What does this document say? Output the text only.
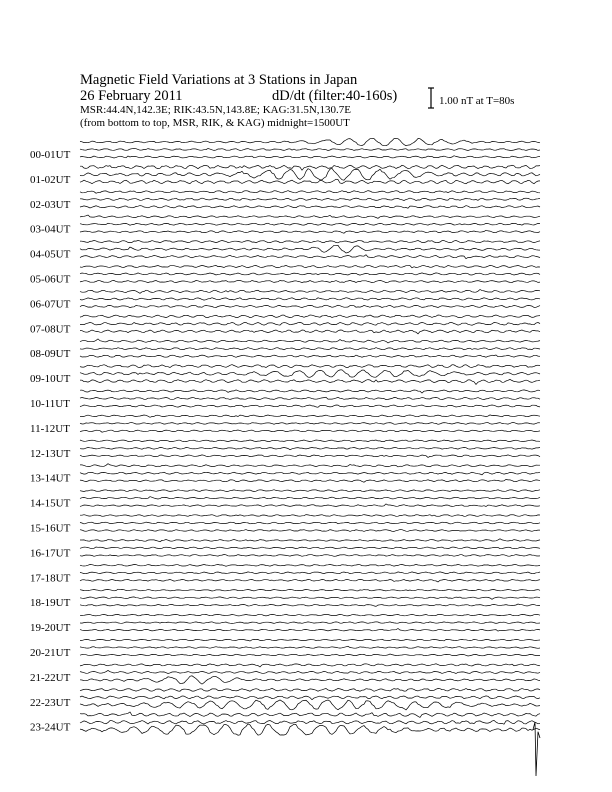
Magnetic Field Variations at 3 Stations in Japan
26 February 2011	dD/dt (filter:40-160s)
MSR:44.4N,142.3E; RIK:43.5N,143.8E; KAG:31.5N,130.7E
(from bottom to top, MSR, RIK, & KAG) midnight=1500UT
1.00 nT at T=80s
00-01UT
01-02UT
02-03UT
03-04UT
04-05UT
05-06UT
06-07UT
07-08UT
08-09UT
09-10UT
10-11UT
11-12UT
12-13UT
13-14UT
14-15UT
15-16UT
16-17UT
17-18UT
18-19UT
19-20UT
20-21UT
21-22UT
22-23UT
23-24UT
